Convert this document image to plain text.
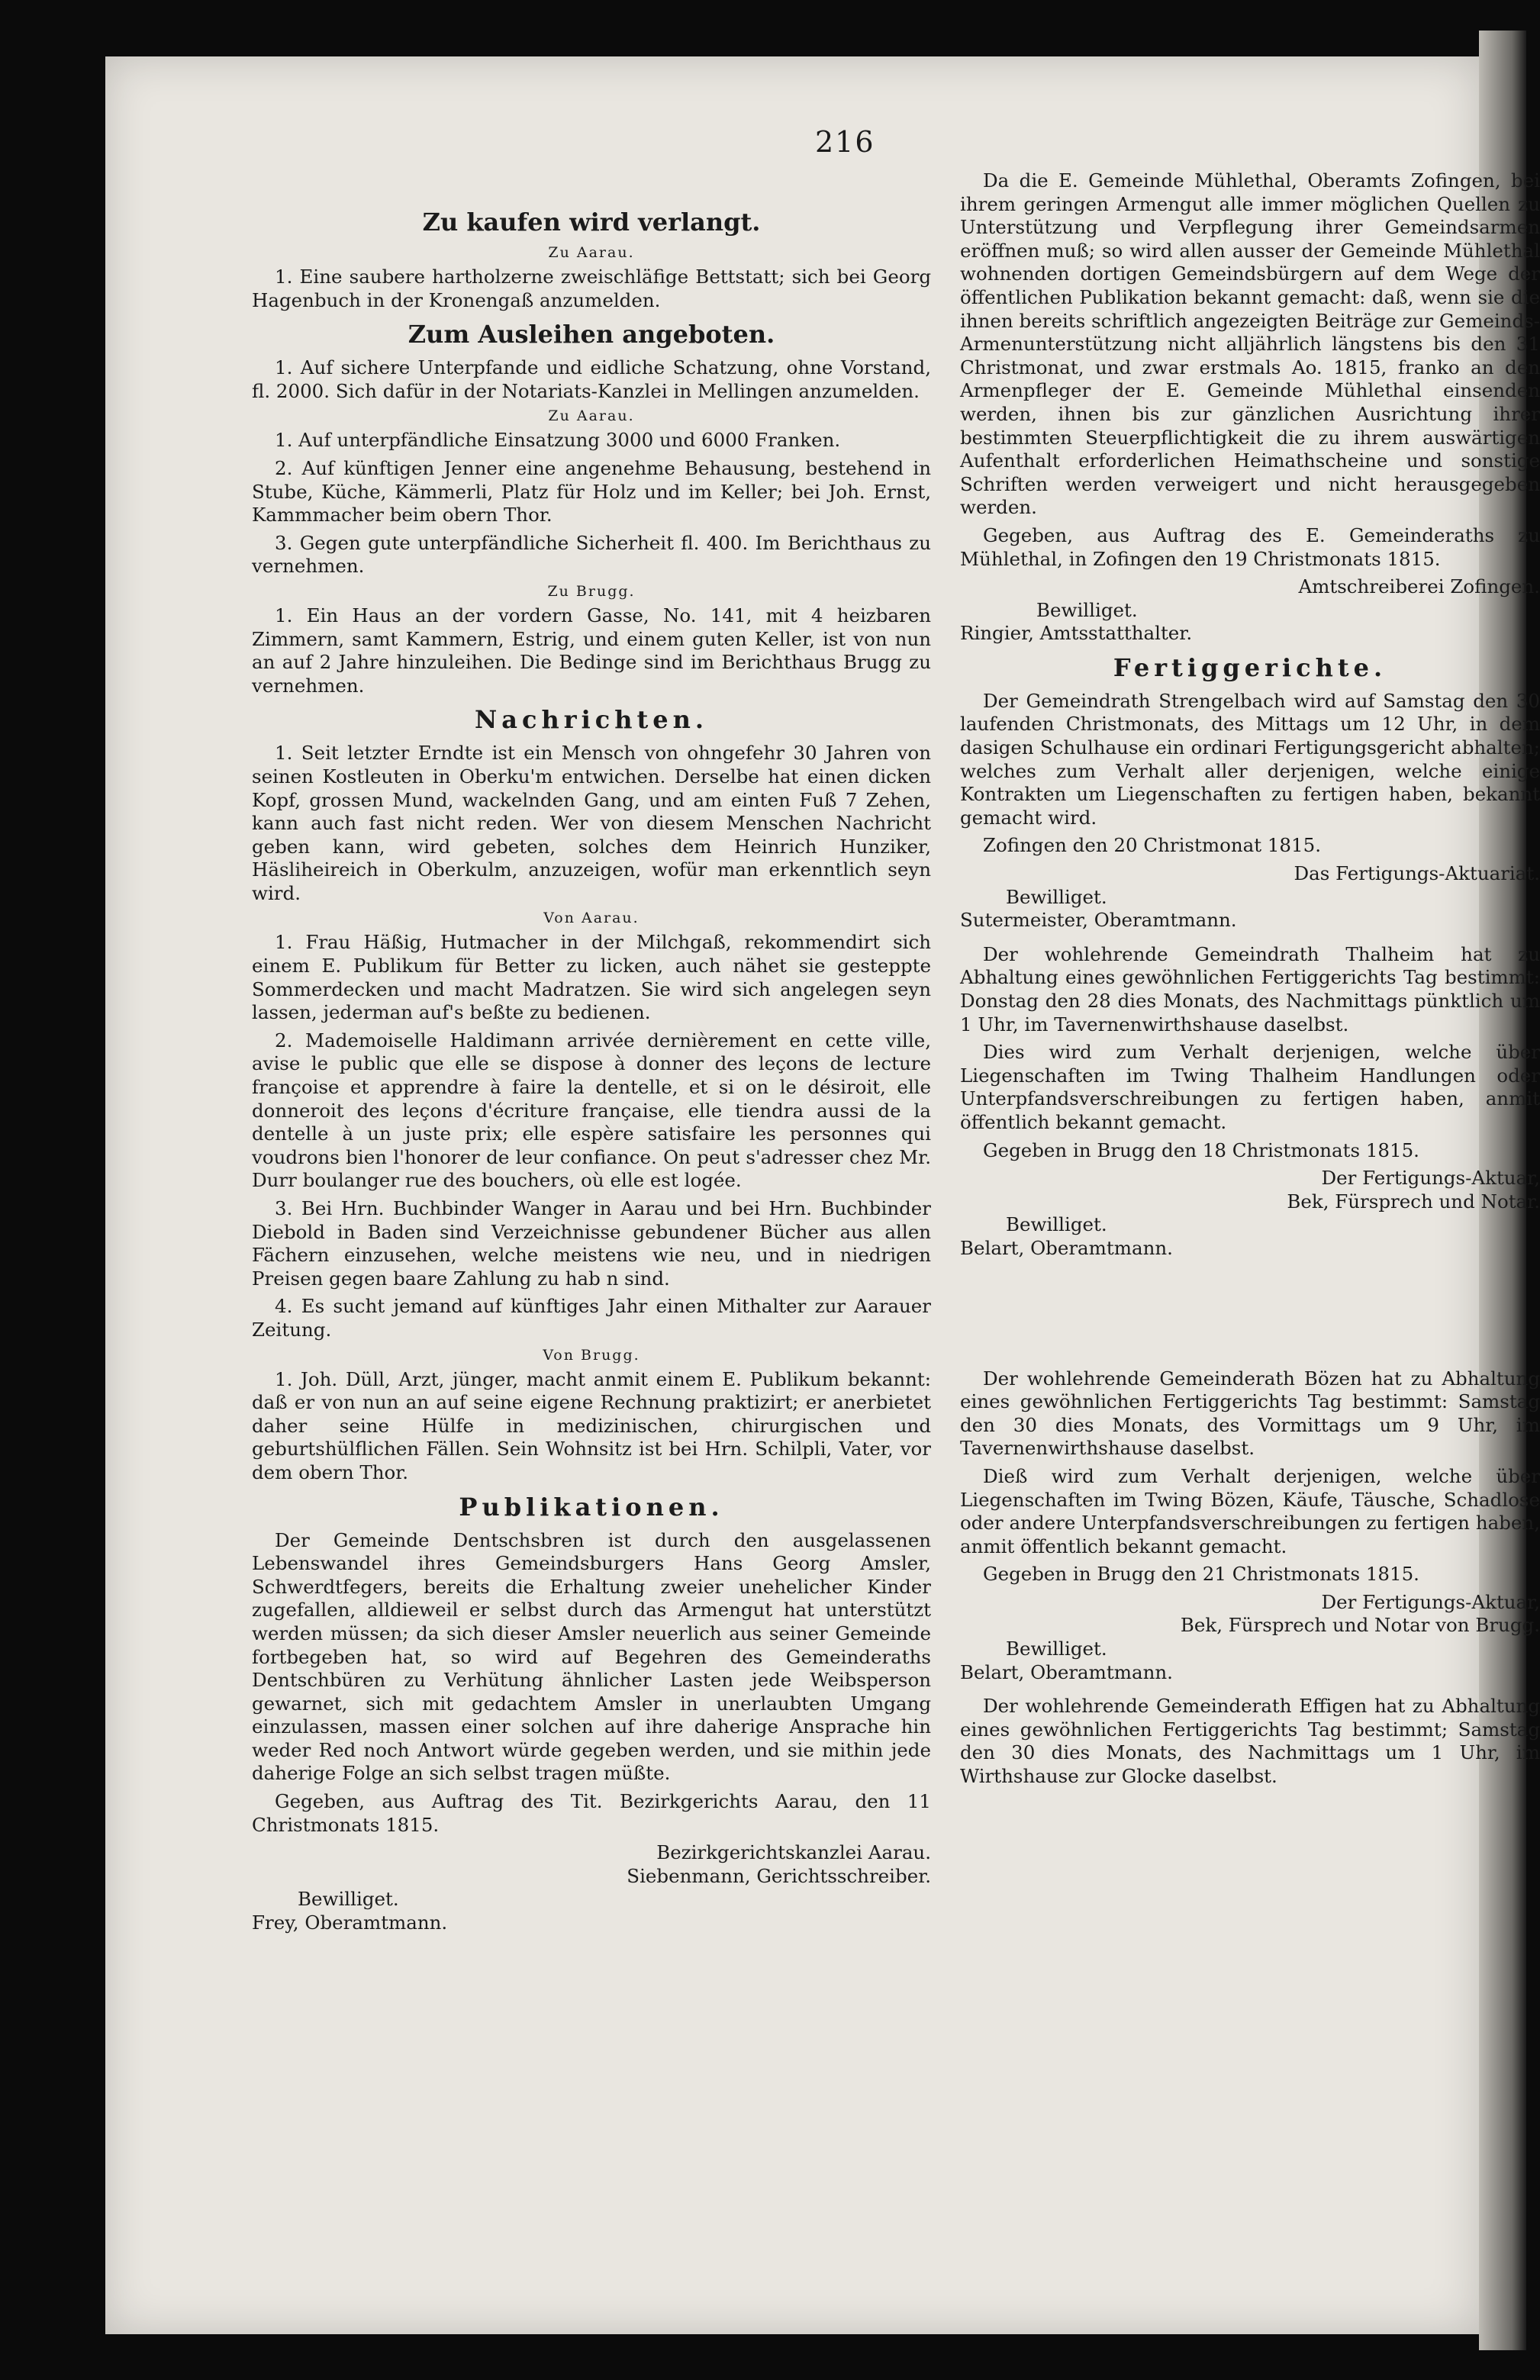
216
Zu kaufen wird verlangt.
Zu Aarau.

1. Eine saubere hartholzerne zweischläfige Bettstatt; sich bei Georg Hagenbuch in der Kronengaß anzumelden.

Zum Ausleihen angeboten.

1. Auf sichere Unterpfande und eidliche Schatzung, ohne Vorstand, fl. 2000. Sich dafür in der Notariats-Kanzlei in Mellingen anzumelden.

Zu Aarau.

1. Auf unterpfändliche Einsatzung 3000 und 6000 Franken.

2. Auf künftigen Jenner eine angenehme Behausung, bestehend in Stube, Küche, Kämmerli, Platz für Holz und im Keller; bei Joh. Ernst, Kammmacher beim obern Thor.

3. Gegen gute unterpfändliche Sicherheit fl. 400. Im Berichthaus zu vernehmen.

Zu Brugg.

1. Ein Haus an der vordern Gasse, No. 141, mit 4 heizbaren Zimmern, samt Kammern, Estrig, und einem guten Keller, ist von nun an auf 2 Jahre hinzuleihen. Die Bedinge sind im Berichthaus Brugg zu vernehmen.

Nachrichten.

1. Seit letzter Erndte ist ein Mensch von ohngefehr 30 Jahren von seinen Kostleuten in Oberku'm entwichen. Derselbe hat einen dicken Kopf, grossen Mund, wackelnden Gang, und am einten Fuß 7 Zehen, kann auch fast nicht reden. Wer von diesem Menschen Nachricht geben kann, wird gebeten, solches dem Heinrich Hunziker, Häsliheireich in Oberkulm, anzuzeigen, wofür man erkenntlich seyn wird.

Von Aarau.

1. Frau Häßig, Hutmacher in der Milchgaß, rekommendirt sich einem E. Publikum für Better zu licken, auch nähet sie gesteppte Sommerdecken und macht Madratzen. Sie wird sich angelegen seyn lassen, jederman auf's beßte zu bedienen.

2. Mademoiselle Haldimann arrivée dernièrement en cette ville, avise le public que elle se dispose à donner des leçons de lecture françoise et apprendre à faire la dentelle, et si on le désiroit, elle donneroit des leçons d'écriture française, elle tiendra aussi de la dentelle à un juste prix; elle espère satisfaire les personnes qui voudrons bien l'honorer de leur confiance. On peut s'adresser chez Mr. Durr boulanger rue des bouchers, où elle est logée.

3. Bei Hrn. Buchbinder Wanger in Aarau und bei Hrn. Buchbinder Diebold in Baden sind Verzeichnisse gebundener Bücher aus allen Fächern einzusehen, welche meistens wie neu, und in niedrigen Preisen gegen baare Zahlung zu hab n sind.

4. Es sucht jemand auf künftiges Jahr einen Mithalter zur Aarauer Zeitung.

Von Brugg.

1. Joh. Düll, Arzt, jünger, macht anmit einem E. Publikum bekannt: daß er von nun an auf seine eigene Rechnung praktizirt; er anerbietet daher seine Hülfe in medizinischen, chirurgischen und geburtshülflichen Fällen. Sein Wohnsitz ist bei Hrn. Schilpli, Vater, vor dem obern Thor.

Publikationen.

Der Gemeinde Dentschsbren ist durch den ausgelassenen Lebenswandel ihres Gemeindsburgers Hans Georg Amsler, Schwerdtfegers, bereits die Erhaltung zweier unehelicher Kinder zugefallen, alldieweil er selbst durch das Armengut hat unterstützt werden müssen; da sich dieser Amsler neuerlich aus seiner Gemeinde fortbegeben hat, so wird auf Begehren des Gemeinderaths Dentschbüren zu Verhütung ähnlicher Lasten jede Weibsperson gewarnet, sich mit gedachtem Amsler in unerlaubten Umgang einzulassen, massen einer solchen auf ihre daherige Ansprache hin weder Red noch Antwort würde gegeben werden, und sie mithin jede daherige Folge an sich selbst tragen müßte.

Gegeben, aus Auftrag des Tit. Bezirkgerichts Aarau, den 11 Christmonats 1815.

Bezirkgerichtskanzlei Aarau.

Siebenmann, Gerichtsschreiber.

Bewilliget.

Frey, Oberamtmann.

Da die E. Gemeinde Mühlethal, Oberamts Zofingen, bei ihrem geringen Armengut alle immer möglichen Quellen zu Unterstützung und Verpflegung ihrer Gemeindsarmen eröffnen muß; so wird allen ausser der Gemeinde Mühlethal wohnenden dortigen Gemeindsbürgern auf dem Wege der öffentlichen Publikation bekannt gemacht: daß, wenn sie die ihnen bereits schriftlich angezeigten Beiträge zur Gemeinds-Armenunterstützung nicht alljährlich längstens bis den 31 Christmonat, und zwar erstmals Ao. 1815, franko an den Armenpfleger der E. Gemeinde Mühlethal einsenden werden, ihnen bis zur gänzlichen Ausrichtung ihrer bestimmten Steuerpflichtigkeit die zu ihrem auswärtigen Aufenthalt erforderlichen Heimathscheine und sonstige Schriften werden verweigert und nicht herausgegeben werden.

Gegeben, aus Auftrag des E. Gemeinderaths zu Mühlethal, in Zofingen den 19 Christmonats 1815.

Amtschreiberei Zofingen.

Bewilliget.

Ringier, Amtsstatthalter.

Fertiggerichte.

Der Gemeindrath Strengelbach wird auf Samstag den 30 laufenden Christmonats, des Mittags um 12 Uhr, in dem dasigen Schulhause ein ordinari Fertigungsgericht abhalten; welches zum Verhalt aller derjenigen, welche einige Kontrakten um Liegenschaften zu fertigen haben, bekannt gemacht wird.

Zofingen den 20 Christmonat 1815.

Das Fertigungs-Aktuariat.

Bewilliget.

Sutermeister, Oberamtmann.

Der wohlehrende Gemeindrath Thalheim hat zu Abhaltung eines gewöhnlichen Fertiggerichts Tag bestimmt: Donstag den 28 dies Monats, des Nachmittags pünktlich um 1 Uhr, im Tavernenwirthshause daselbst.

Dies wird zum Verhalt derjenigen, welche über Liegenschaften im Twing Thalheim Handlungen oder Unterpfandsverschreibungen zu fertigen haben, anmit öffentlich bekannt gemacht.

Gegeben in Brugg den 18 Christmonats 1815.

Der Fertigungs-Aktuar,

Bek, Fürsprech und Notar.

Bewilliget.

Belart, Oberamtmann.

Der wohlehrende Gemeinderath Bözen hat zu Abhaltung eines gewöhnlichen Fertiggerichts Tag bestimmt: Samstag den 30 dies Monats, des Vormittags um 9 Uhr, im Tavernenwirthshause daselbst.

Dieß wird zum Verhalt derjenigen, welche über Liegenschaften im Twing Bözen, Käufe, Täusche, Schadlose oder andere Unterpfandsverschreibungen zu fertigen haben, anmit öffentlich bekannt gemacht.

Gegeben in Brugg den 21 Christmonats 1815.

Der Fertigungs-Aktuar,

Bek, Fürsprech und Notar von Brugg.

Bewilliget.

Belart, Oberamtmann.

Der wohlehrende Gemeinderath Effigen hat zu Abhaltung eines gewöhnlichen Fertiggerichts Tag bestimmt; Samstag den 30 dies Monats, des Nachmittags um 1 Uhr, im Wirthshause zur Glocke daselbst.
